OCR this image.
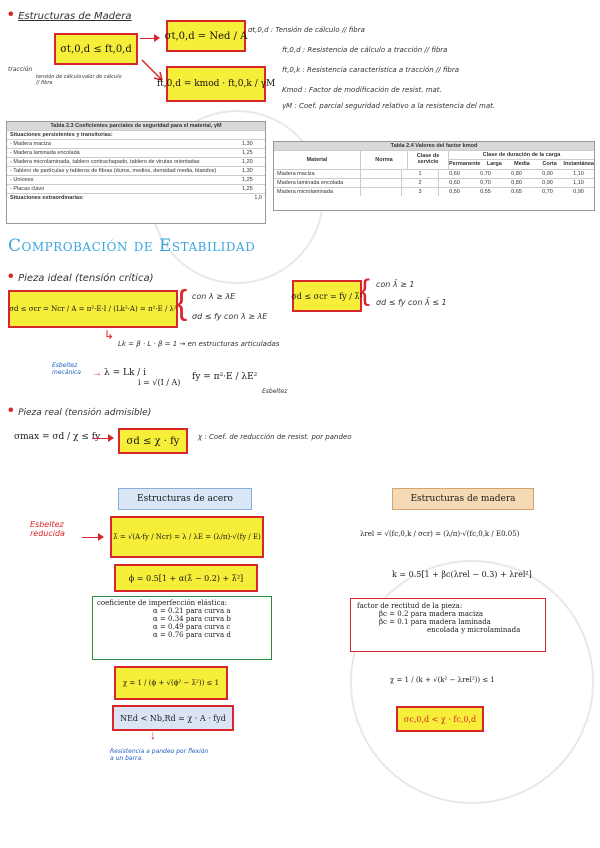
• Estructuras de Madera
σt,0,d ≤ ft,0,d
tracción
tensión de cálculo // fibra
valor de cálculo
σt,0,d = Ned / A
ft,0,d = kmod · ft,0,k / γM
σt,0,d : Tensión de cálculo // fibra
ft,0,d : Resistencia de cálculo a tracción // fibra
ft,0,k : Resistencia característica a tracción // fibra
Kmod : Factor de modificación de resist. mat.
γM : Coef. parcial seguridad relativo a la resistencia del mat.
Tabla 2.3 Coeficientes parciales de seguridad para el material, γM
Situaciones persistentes y transitorias:
- Madera maciza	1,30
- Madera laminada encolada	1,25
- Madera microlaminada, tablero contrachapado, tablero de virutas orientadas	1,20
- Tablero de partículas y tableros de fibras (duros, medios, densidad media, blandos)	1,30
- Uniones	1,25
- Placas clavo	1,25
Situaciones extraordinarias:	1,0
Tabla 2.4 Valores del factor kmod
Material	Norma
Clase de servicio
Clase de duración de la carga
Permanente	Larga	Media	Corta	Instantánea
Madera maciza	1	0,60	0,70	0,80	0,90	1,10
Madera laminada encolada	2	0,60	0,70	0,80	0,90	1,10
Madera microlaminada	3	0,50	0,55	0,65	0,70	0,90
Comprobación de Estabilidad
• Pieza ideal (tensión crítica)
σd ≤ σcr = Ncr / A = π²·E·I / (Lk²·A) = π²·E / λ² { con λ ≥ λE
σd ≤ fy con λ ≥ λE
σd ≤ σcr = fy / λ̄²
{ con λ̄ ≥ 1
σd ≤ fy con λ̄ ≤ 1
↳
Lk = β · L · β = 1 → en estructuras articuladas
Esbeltez mecánica	→ λ = Lk / i
i = √(I / A)
fy = π²·E / λE²
Esbeltez
• Pieza real (tensión admisible)
σmax = σd / χ ≤ fy	σd ≤ χ · fy	χ : Coef. de reducción de resist. por pandeo
Estructuras de acero
Esbeltez reducida	λ̄ = √(A·fy / Ncr) = λ / λE = (λ/π)·√(fy / E)
ϕ = 0.5[1 + α(λ̄ − 0.2) + λ̄²]
coeficiente de imperfección elástica:
α = 0.21 para curva a
α = 0.34 para curva b
α = 0.49 para curva c
α = 0.76 para curva d
χ = 1 / (ϕ + √(ϕ² − λ̄²)) ≤ 1
NEd < Nb,Rd = χ · A · fyd
↓
Resistencia a pandeo por flexión a un barra.
Estructuras de madera
λrel = √(fc,0,k / σcr) = (λ/π)·√(fc,0,k / E0.05)
k = 0.5[1 + βc(λrel − 0.3) + λrel²]
factor de rectitud de la pieza:
βc = 0.2 para madera maciza
βc = 0.1 para madera laminada
encolada y microlaminada
χ = 1 / (k + √(k² − λrel²)) ≤ 1
σc,0,d < χ · fc,0,d
